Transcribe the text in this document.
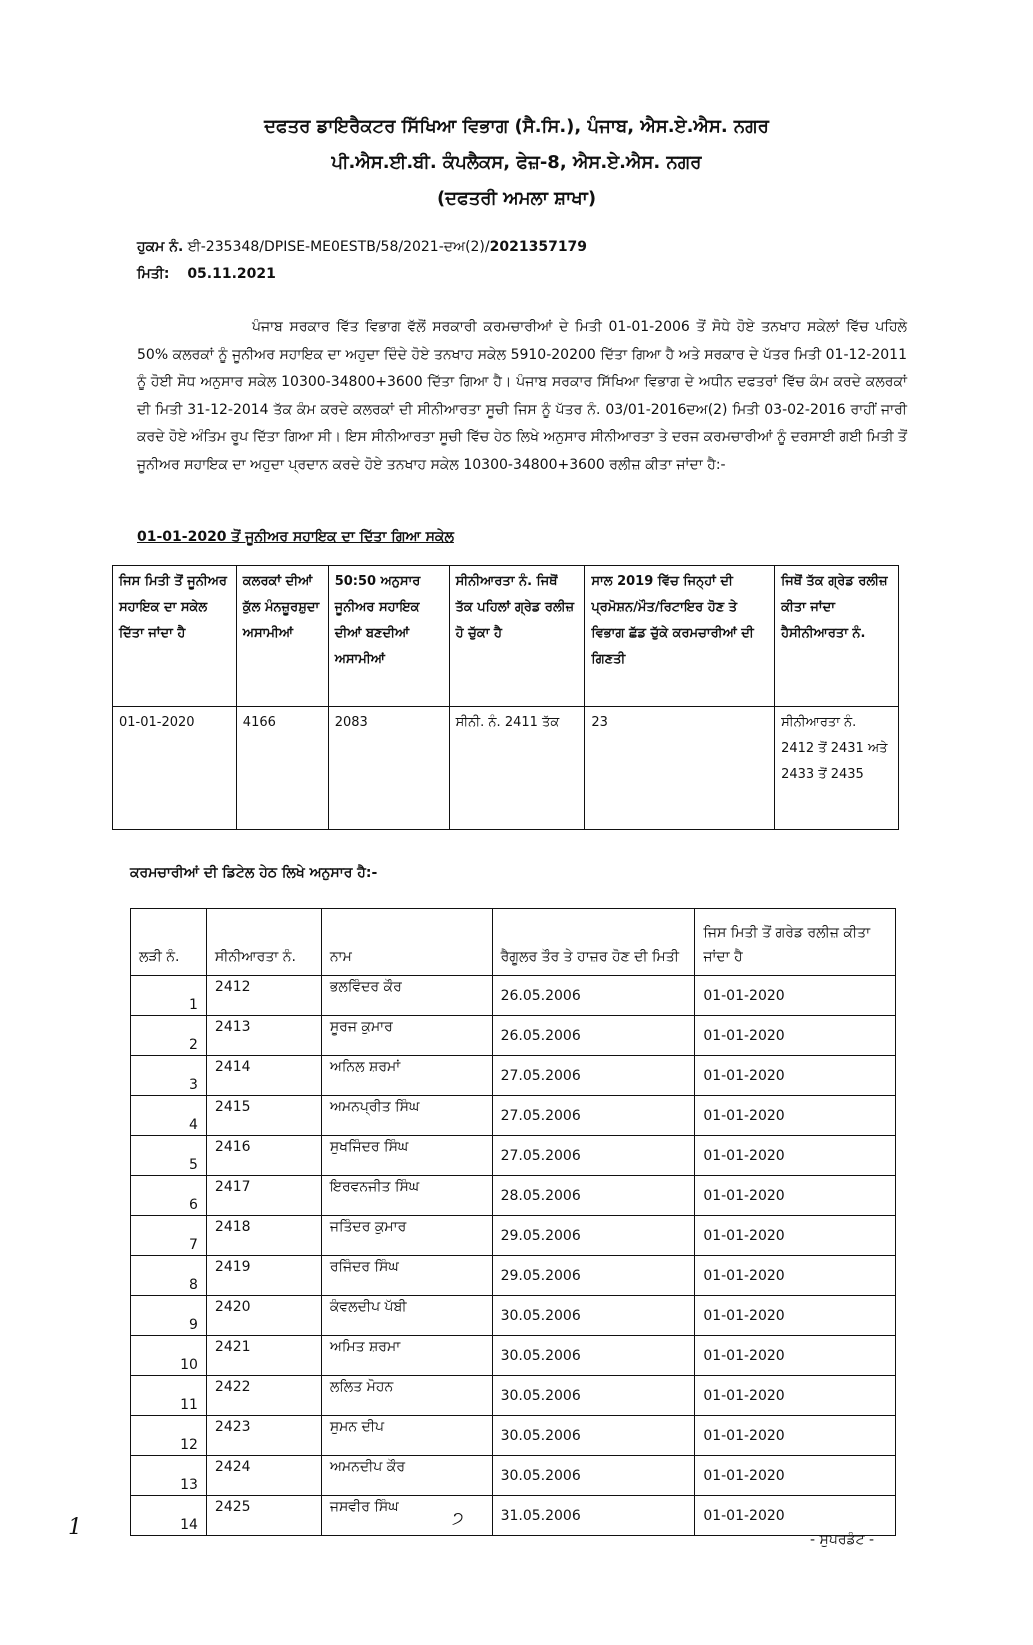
ਦਫਤਰ ਡਾਇਰੈਕਟਰ ਸਿੱਖਿਆ ਵਿਭਾਗ (ਸੈ.ਸਿ.), ਪੰਜਾਬ, ਐਸ.ਏ.ਐਸ. ਨਗਰ
ਪੀ.ਐਸ.ਈ.ਬੀ. ਕੰਪਲੈਕਸ, ਫੇਜ਼-8, ਐਸ.ਏ.ਐਸ. ਨਗਰ
(ਦਫਤਰੀ ਅਮਲਾ ਸ਼ਾਖਾ)
ਹੁਕਮ ਨੰ. ਈ-235348/DPISE-ME0ESTB/58/2021-ਦਅ(2)/2021357179
ਮਿਤੀ: 05.11.2021
ਪੰਜਾਬ ਸਰਕਾਰ ਵਿੱਤ ਵਿਭਾਗ ਵੱਲੋਂ ਸਰਕਾਰੀ ਕਰਮਚਾਰੀਆਂ ਦੇ ਮਿਤੀ 01-01-2006 ਤੋਂ ਸੋਧੇ ਹੋਏ ਤਨਖਾਹ ਸਕੇਲਾਂ ਵਿੱਚ ਪਹਿਲੇ 50% ਕਲਰਕਾਂ ਨੂੰ ਜੂਨੀਅਰ ਸਹਾਇਕ ਦਾ ਅਹੁਦਾ ਦਿੰਦੇ ਹੋਏ ਤਨਖਾਹ ਸਕੇਲ 5910-20200 ਦਿੱਤਾ ਗਿਆ ਹੈ ਅਤੇ ਸਰਕਾਰ ਦੇ ਪੱਤਰ ਮਿਤੀ 01-12-2011 ਨੂੰ ਹੋਈ ਸੋਧ ਅਨੁਸਾਰ ਸਕੇਲ 10300-34800+3600 ਦਿੱਤਾ ਗਿਆ ਹੈ। ਪੰਜਾਬ ਸਰਕਾਰ ਸਿੱਖਿਆ ਵਿਭਾਗ ਦੇ ਅਧੀਨ ਦਫਤਰਾਂ ਵਿੱਚ ਕੰਮ ਕਰਦੇ ਕਲਰਕਾਂ ਦੀ ਮਿਤੀ 31-12-2014 ਤੱਕ ਕੰਮ ਕਰਦੇ ਕਲਰਕਾਂ ਦੀ ਸੀਨੀਆਰਤਾ ਸੂਚੀ ਜਿਸ ਨੂੰ ਪੱਤਰ ਨੰ. 03/01-2016ਦਅ(2) ਮਿਤੀ 03-02-2016 ਰਾਹੀਂ ਜਾਰੀ ਕਰਦੇ ਹੋਏ ਅੰਤਿਮ ਰੂਪ ਦਿੱਤਾ ਗਿਆ ਸੀ। ਇਸ ਸੀਨੀਆਰਤਾ ਸੂਚੀ ਵਿੱਚ ਹੇਠ ਲਿਖੇ ਅਨੁਸਾਰ ਸੀਨੀਆਰਤਾ ਤੇ ਦਰਜ ਕਰਮਚਾਰੀਆਂ ਨੂੰ ਦਰਸਾਈ ਗਈ ਮਿਤੀ ਤੋਂ ਜੂਨੀਅਰ ਸਹਾਇਕ ਦਾ ਅਹੁਦਾ ਪ੍ਰਦਾਨ ਕਰਦੇ ਹੋਏ ਤਨਖਾਹ ਸਕੇਲ 10300-34800+3600 ਰਲੀਜ਼ ਕੀਤਾ ਜਾਂਦਾ ਹੈ:-
01-01-2020 ਤੋਂ ਜੂਨੀਅਰ ਸਹਾਇਕ ਦਾ ਦਿੱਤਾ ਗਿਆ ਸਕੇਲ
ਜਿਸ ਮਿਤੀ ਤੋਂ ਜੂਨੀਅਰ ਸਹਾਇਕ ਦਾ ਸਕੇਲ ਦਿੱਤਾ ਜਾਂਦਾ ਹੈ	ਕਲਰਕਾਂ ਦੀਆਂ ਕੁੱਲ ਮੰਨਜ਼ੂਰਸ਼ੁਦਾ ਅਸਾਮੀਆਂ	50:50 ਅਨੁਸਾਰ ਜੂਨੀਅਰ ਸਹਾਇਕ ਦੀਆਂ ਬਣਦੀਆਂ ਅਸਾਮੀਆਂ	ਸੀਨੀਆਰਤਾ ਨੰ. ਜਿਥੋਂ ਤੱਕ ਪਹਿਲਾਂ ਗ੍ਰੇਡ ਰਲੀਜ਼ ਹੋ ਚੁੱਕਾ ਹੈ	ਸਾਲ 2019 ਵਿੱਚ ਜਿਨ੍ਹਾਂ ਦੀ ਪ੍ਰਮੋਸ਼ਨ/ਮੌਤ/ਰਿਟਾਇਰ ਹੋਣ ਤੇ ਵਿਭਾਗ ਛੱਡ ਚੁੱਕੇ ਕਰਮਚਾਰੀਆਂ ਦੀ ਗਿਣਤੀ	ਜਿਥੋਂ ਤੱਕ ਗ੍ਰੇਡ ਰਲੀਜ਼ ਕੀਤਾ ਜਾਂਦਾ ਹੈਸੀਨੀਆਰਤਾ ਨੰ.
01-01-2020	4166	2083	ਸੀਨੀ. ਨੰ. 2411 ਤੱਕ	23	ਸੀਨੀਆਰਤਾ ਨੰ. 2412 ਤੋਂ 2431 ਅਤੇ 2433 ਤੋਂ 2435
ਕਰਮਚਾਰੀਆਂ ਦੀ ਡਿਟੇਲ ਹੇਠ ਲਿਖੇ ਅਨੁਸਾਰ ਹੈ:-
ਲੜੀ ਨੰ.	ਸੀਨੀਆਰਤਾ ਨੰ.	ਨਾਮ	ਰੈਗੂਲਰ ਤੌਰ ਤੇ ਹਾਜ਼ਰ ਹੋਣ ਦੀ ਮਿਤੀ	ਜਿਸ ਮਿਤੀ ਤੋਂ ਗਰੇਡ ਰਲੀਜ਼ ਕੀਤਾ ਜਾਂਦਾ ਹੈ
1	2412	ਭਲਵਿੰਦਰ ਕੌਰ	26.05.2006	01-01-2020
2	2413	ਸੂਰਜ ਕੁਮਾਰ	26.05.2006	01-01-2020
3	2414	ਅਨਿਲ ਸ਼ਰਮਾਂ	27.05.2006	01-01-2020
4	2415	ਅਮਨਪ੍ਰੀਤ ਸਿੰਘ	27.05.2006	01-01-2020
5	2416	ਸੁਖਜਿੰਦਰ ਸਿੰਘ	27.05.2006	01-01-2020
6	2417	ਇਰਵਨਜੀਤ ਸਿੰਘ	28.05.2006	01-01-2020
7	2418	ਜਤਿੰਦਰ ਕੁਮਾਰ	29.05.2006	01-01-2020
8	2419	ਰਜਿੰਦਰ ਸਿੰਘ	29.05.2006	01-01-2020
9	2420	ਕੰਵਲਦੀਪ ਪੱਬੀ	30.05.2006	01-01-2020
10	2421	ਅਮਿਤ ਸ਼ਰਮਾ	30.05.2006	01-01-2020
11	2422	ਲਲਿਤ ਮੋਹਨ	30.05.2006	01-01-2020
12	2423	ਸੁਮਨ ਦੀਪ	30.05.2006	01-01-2020
13	2424	ਅਮਨਦੀਪ ਕੌਰ	30.05.2006	01-01-2020
14	2425	ਜਸਵੀਰ ਸਿੰਘ	31.05.2006	01-01-2020
1	੭
- ਸੁਪਰਡੰਟ -
